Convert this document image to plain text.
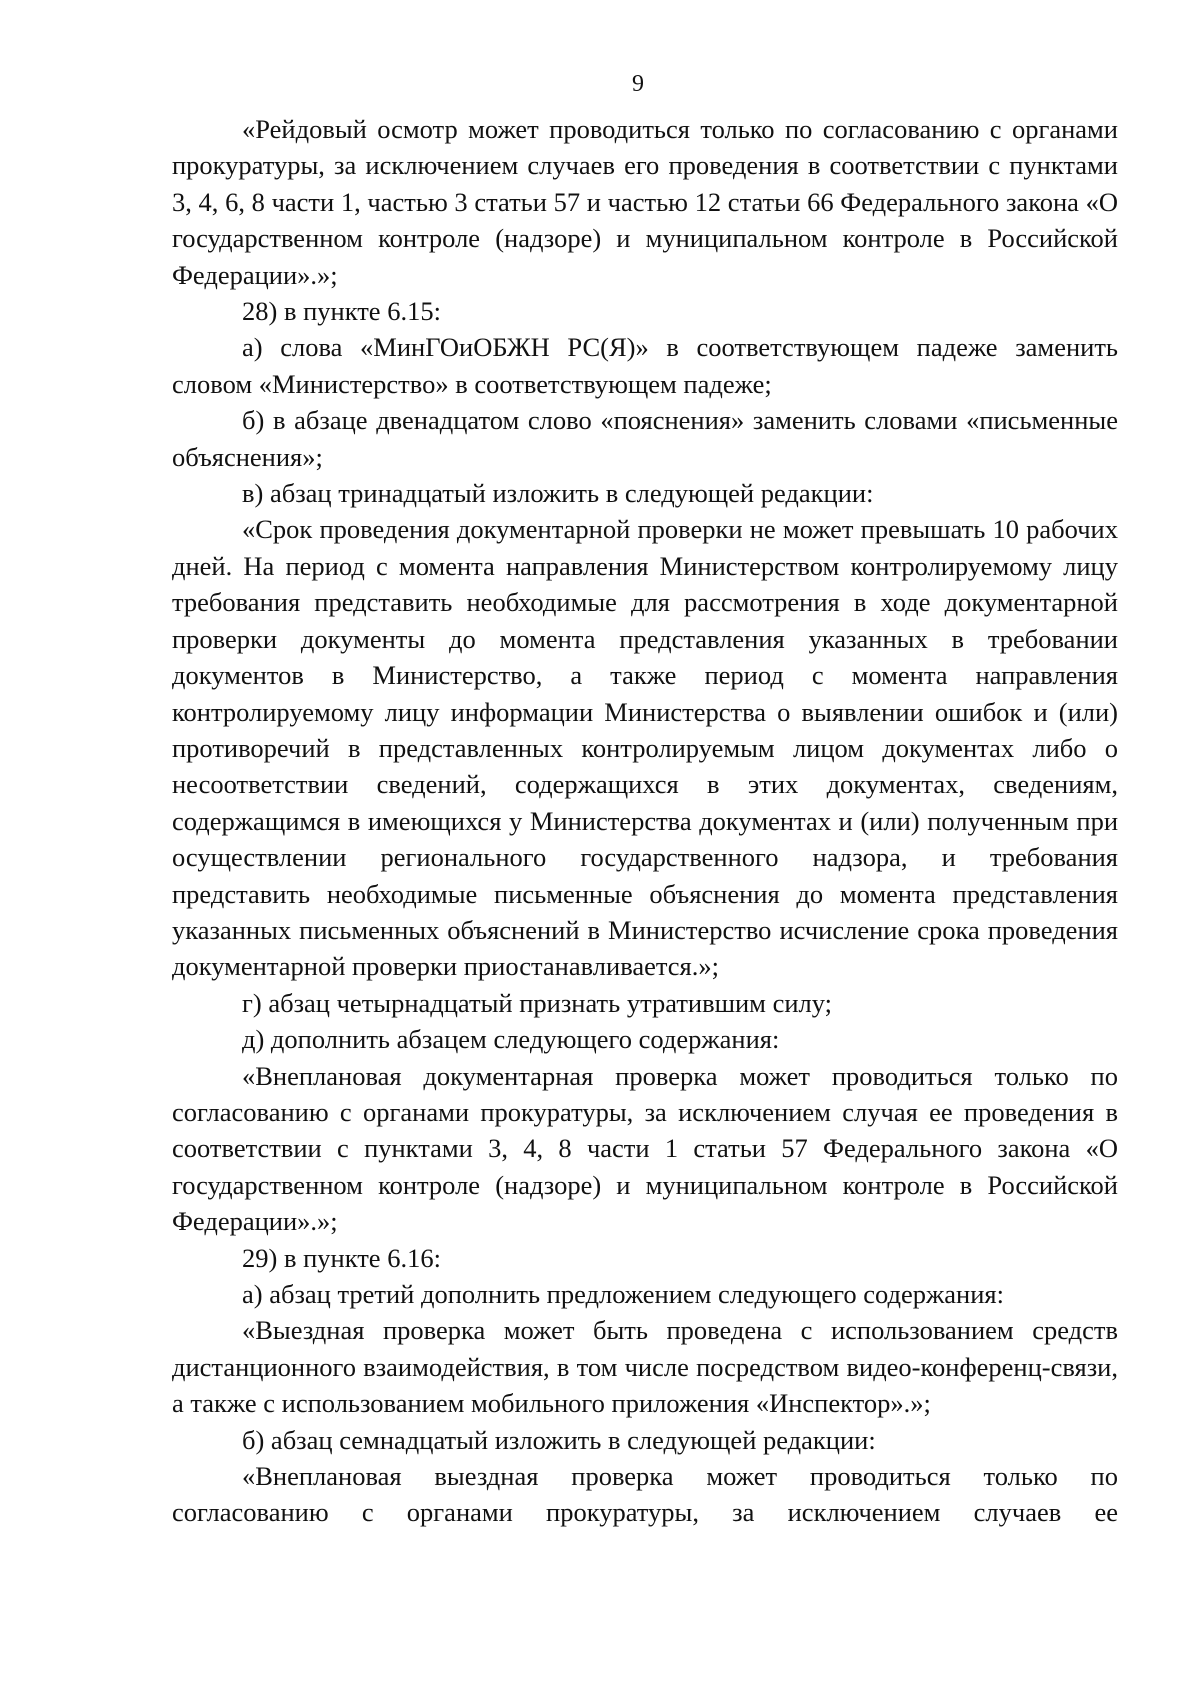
9

«Рейдовый осмотр может проводиться только по согласованию с органами прокуратуры, за исключением случаев его проведения в соответствии с пунктами 3, 4, 6, 8 части 1, частью 3 статьи 57 и частью 12 статьи 66 Федерального закона «О государственном контроле (надзоре) и муниципальном контроле в Российской Федерации».»;

28) в пункте 6.15:

а) слова «МинГОиОБЖН РС(Я)» в соответствующем падеже заменить словом «Министерство» в соответствующем падеже;

б) в абзаце двенадцатом слово «пояснения» заменить словами «письменные объяснения»;

в) абзац тринадцатый изложить в следующей редакции:

«Срок проведения документарной проверки не может превышать 10 рабочих дней. На период с момента направления Министерством контролируемому лицу требования представить необходимые для рассмотрения в ходе документарной проверки документы до момента представления указанных в требовании документов в Министерство, а также период с момента направления контролируемому лицу информации Министерства о выявлении ошибок и (или) противоречий в представленных контролируемым лицом документах либо о несоответствии сведений, содержащихся в этих документах, сведениям, содержащимся в имеющихся у Министерства документах и (или) полученным при осуществлении регионального государственного надзора, и требования представить необходимые письменные объяснения до момента представления указанных письменных объяснений в Министерство исчисление срока проведения документарной проверки приостанавливается.»;

г) абзац четырнадцатый признать утратившим силу;

д) дополнить абзацем следующего содержания:

«Внеплановая документарная проверка может проводиться только по согласованию с органами прокуратуры, за исключением случая ее проведения в соответствии с пунктами 3, 4, 8 части 1 статьи 57 Федерального закона «О государственном контроле (надзоре) и муниципальном контроле в Российской Федерации».»;

29) в пункте 6.16:

а) абзац третий дополнить предложением следующего содержания:

«Выездная проверка может быть проведена с использованием средств дистанционного взаимодействия, в том числе посредством видео-конференц-связи, а также с использованием мобильного приложения «Инспектор».»;

б) абзац семнадцатый изложить в следующей редакции:

«Внеплановая выездная проверка может проводиться только по согласованию с органами прокуратуры, за исключением случаев ее
